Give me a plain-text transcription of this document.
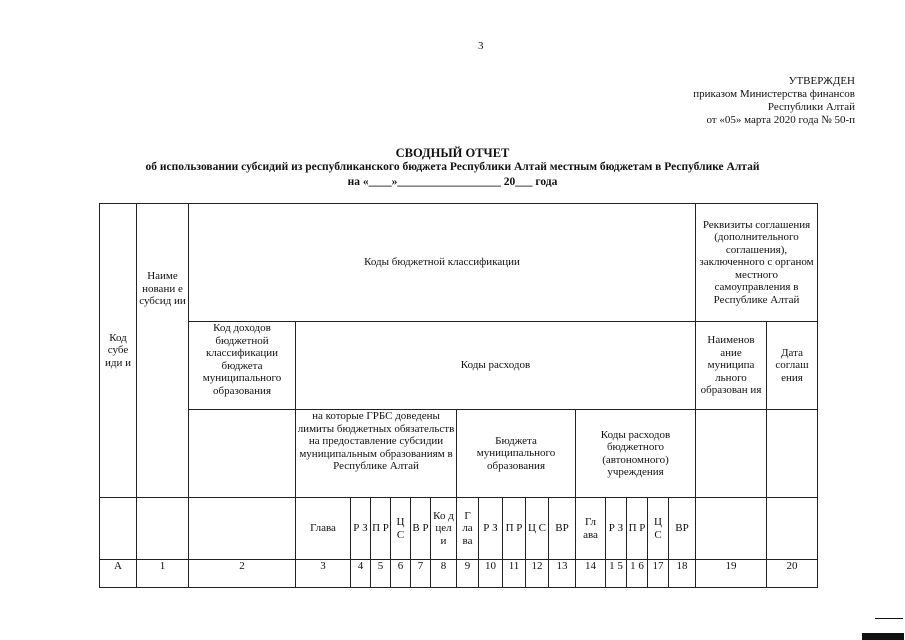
3
УТВЕРЖДЕН
приказом Министерства финансов
Республики Алтай
от «05» марта 2020 года № 50-п
СВОДНЫЙ ОТЧЕТ
об использовании субсидий из республиканского бюджета Республики Алтай местным бюджетам в Республике Алтай
на «____»__________________ 20___ года
Код субе иди и	Наиме новани е субсид ии	Коды бюджетной классификации																	Реквизиты соглашения (дополнительного соглашения), заключенного с органом местного самоуправления в Республике Алтай	
		Код доходов бюджетной классификации бюджета муниципального образования	Коды расходов																Наименов ание муниципа льного образован ия	Дата соглаш ения
			на которые ГРБС доведены лимиты бюджетных обязательств на предоставление субсидии муниципальным образованиям в Республике Алтай						Бюджета муниципального образования					Коды расходов бюджетного (автономного) учреждения						
			Глава	Р З	П Р	Ц С	В Р	Ко д цел и	Г ла ва	Р З	П Р	Ц С	ВР	Гл ава	Р З	П Р	Ц С	ВР		
А	1	2	3	4	5	6	7	8	9	10	11	12	13	14	1 5	1 6	17	18	19	20
